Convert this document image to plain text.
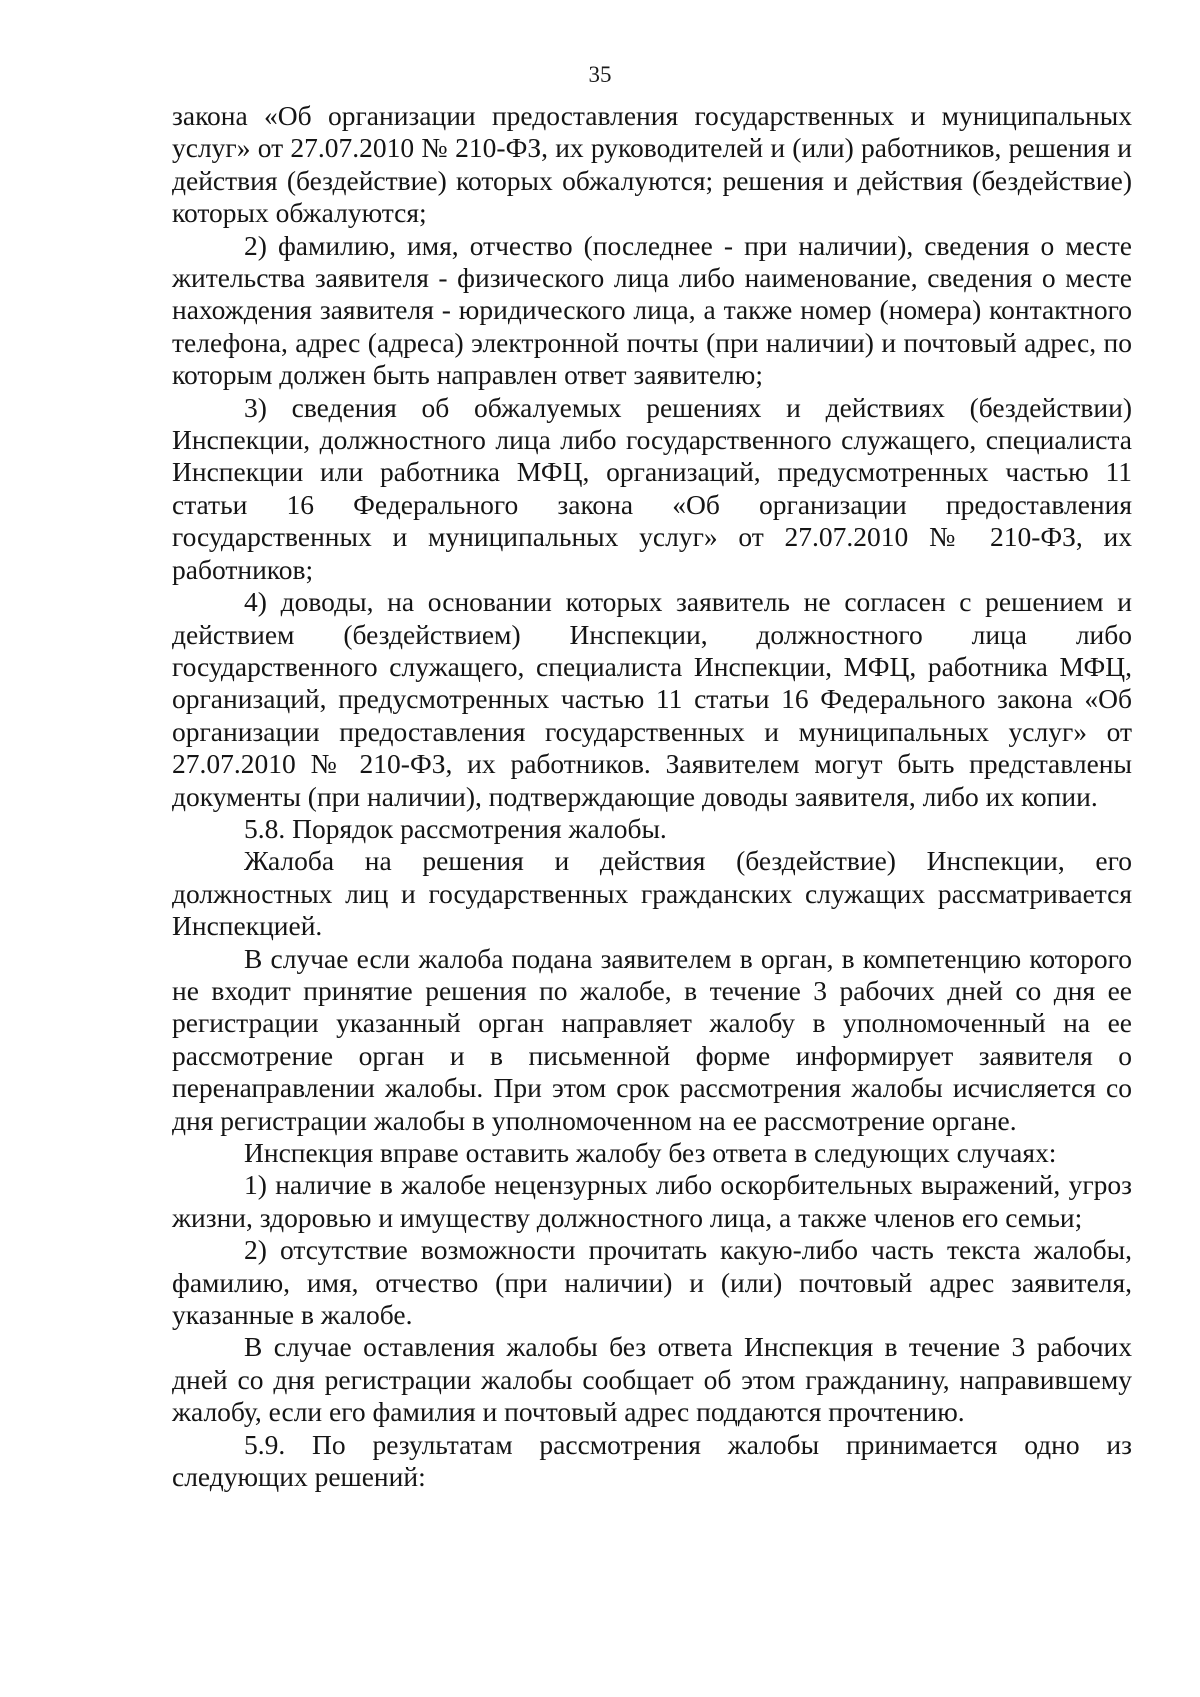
35

закона «Об организации предоставления государственных и муниципальных услуг» от 27.07.2010 № 210-ФЗ, их руководителей и (или) работников, решения и действия (бездействие) которых обжалуются; решения и действия (бездействие) которых обжалуются;

2) фамилию, имя, отчество (последнее - при наличии), сведения о месте жительства заявителя - физического лица либо наименование, сведения о месте нахождения заявителя - юридического лица, а также номер (номера) контактного телефона, адрес (адреса) электронной почты (при наличии) и почтовый адрес, по которым должен быть направлен ответ заявителю;

3) сведения об обжалуемых решениях и действиях (бездействии) Инспекции, должностного лица либо государственного служащего, специалиста Инспекции или работника МФЦ, организаций, предусмотренных частью 11 статьи 16 Федерального закона «Об организации предоставления государственных и муниципальных услуг» от 27.07.2010 № 210-ФЗ, их работников;

4) доводы, на основании которых заявитель не согласен с решением и действием (бездействием) Инспекции, должностного лица либо государственного служащего, специалиста Инспекции, МФЦ, работника МФЦ, организаций, предусмотренных частью 11 статьи 16 Федерального закона «Об организации предоставления государственных и муниципальных услуг» от 27.07.2010 № 210-ФЗ, их работников. Заявителем могут быть представлены документы (при наличии), подтверждающие доводы заявителя, либо их копии.

5.8. Порядок рассмотрения жалобы.

Жалоба на решения и действия (бездействие) Инспекции, его должностных лиц и государственных гражданских служащих рассматривается Инспекцией.

В случае если жалоба подана заявителем в орган, в компетенцию которого не входит принятие решения по жалобе, в течение 3 рабочих дней со дня ее регистрации указанный орган направляет жалобу в уполномоченный на ее рассмотрение орган и в письменной форме информирует заявителя о перенаправлении жалобы. При этом срок рассмотрения жалобы исчисляется со дня регистрации жалобы в уполномоченном на ее рассмотрение органе.

Инспекция вправе оставить жалобу без ответа в следующих случаях:

1) наличие в жалобе нецензурных либо оскорбительных выражений, угроз жизни, здоровью и имуществу должностного лица, а также членов его семьи;

2) отсутствие возможности прочитать какую-либо часть текста жалобы, фамилию, имя, отчество (при наличии) и (или) почтовый адрес заявителя, указанные в жалобе.

В случае оставления жалобы без ответа Инспекция в течение 3 рабочих дней со дня регистрации жалобы сообщает об этом гражданину, направившему жалобу, если его фамилия и почтовый адрес поддаются прочтению.

5.9. По результатам рассмотрения жалобы принимается одно из следующих решений:
